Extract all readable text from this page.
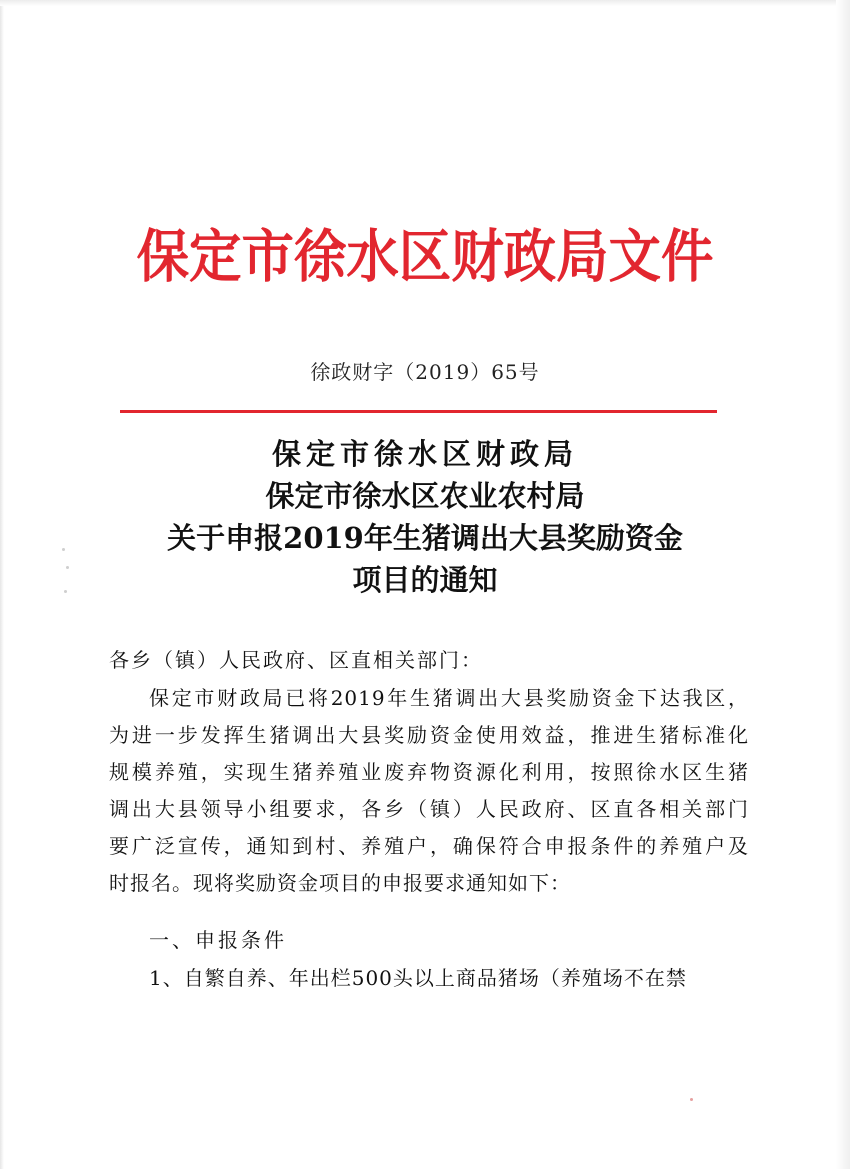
保定市徐水区财政局文件
徐政财字（2019）65号
保定市徐水区财政局
保定市徐水区农业农村局
关于申报2019年生猪调出大县奖励资金
项目的通知
各乡（镇）人民政府、区直相关部门：
保定市财政局已将2019年生猪调出大县奖励资金下达我区，
为进一步发挥生猪调出大县奖励资金使用效益，推进生猪标准化
规模养殖，实现生猪养殖业废弃物资源化利用，按照徐水区生猪
调出大县领导小组要求，各乡（镇）人民政府、区直各相关部门
要广泛宣传，通知到村、养殖户，确保符合申报条件的养殖户及
时报名。现将奖励资金项目的申报要求通知如下：
一、申报条件
1、自繁自养、年出栏500头以上商品猪场（养殖场不在禁
